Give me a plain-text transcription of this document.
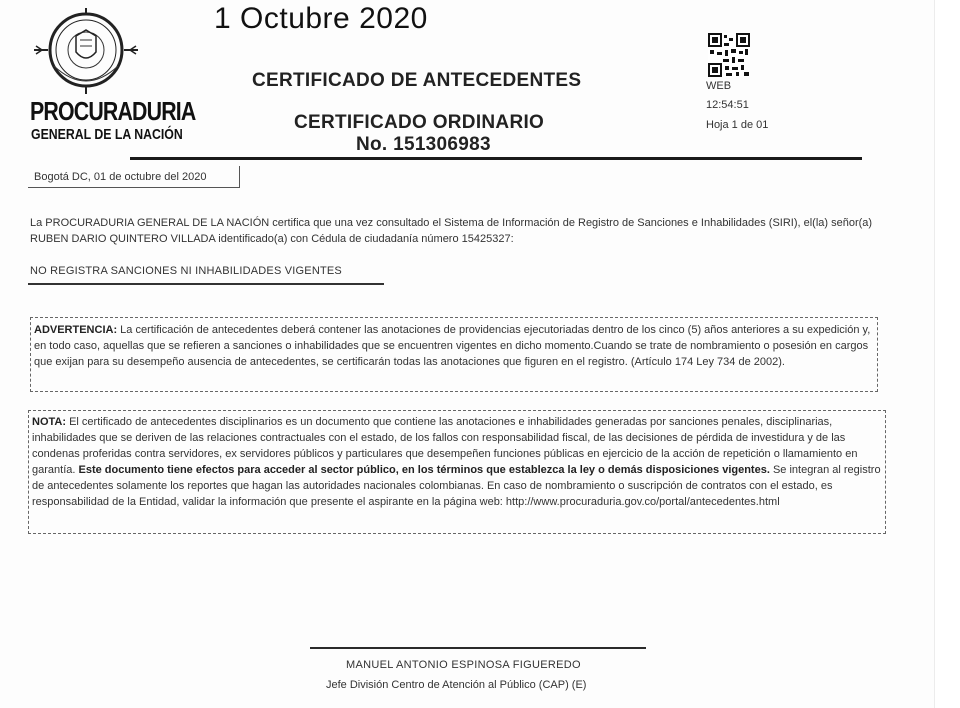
PROCURADURIA
GENERAL DE LA NACIÓN
1 Octubre 2020
CERTIFICADO DE ANTECEDENTES
CERTIFICADO ORDINARIO
No. 151306983
WEB
12:54:51
Hoja 1 de 01
Bogotá DC, 01 de octubre del 2020
La PROCURADURIA GENERAL DE LA NACIÓN certifica que una vez consultado el Sistema de Información de Registro de Sanciones e Inhabilidades (SIRI), el(la) señor(a) RUBEN DARIO QUINTERO VILLADA identificado(a) con Cédula de ciudadanía número 15425327:
NO REGISTRA SANCIONES NI INHABILIDADES VIGENTES
ADVERTENCIA: La certificación de antecedentes deberá contener las anotaciones de providencias ejecutoriadas dentro de los cinco (5) años anteriores a su expedición y, en todo caso, aquellas que se refieren a sanciones o inhabilidades que se encuentren vigentes en dicho momento.Cuando se trate de nombramiento o posesión en cargos que exijan para su desempeño ausencia de antecedentes, se certificarán todas las anotaciones que figuren en el registro. (Artículo 174 Ley 734 de 2002).
NOTA: El certificado de antecedentes disciplinarios es un documento que contiene las anotaciones e inhabilidades generadas por sanciones penales, disciplinarias, inhabilidades que se deriven de las relaciones contractuales con el estado, de los fallos con responsabilidad fiscal, de las decisiones de pérdida de investidura y de las condenas proferidas contra servidores, ex servidores públicos y particulares que desempeñen funciones públicas en ejercicio de la acción de repetición o llamamiento en garantía. Este documento tiene efectos para acceder al sector público, en los términos que establezca la ley o demás disposiciones vigentes. Se integran al registro de antecedentes solamente los reportes que hagan las autoridades nacionales colombianas. En caso de nombramiento o suscripción de contratos con el estado, es responsabilidad de la Entidad, validar la información que presente el aspirante en la página web: http://www.procuraduria.gov.co/portal/antecedentes.html
MANUEL ANTONIO ESPINOSA FIGUEREDO
Jefe División Centro de Atención al Público (CAP) (E)
